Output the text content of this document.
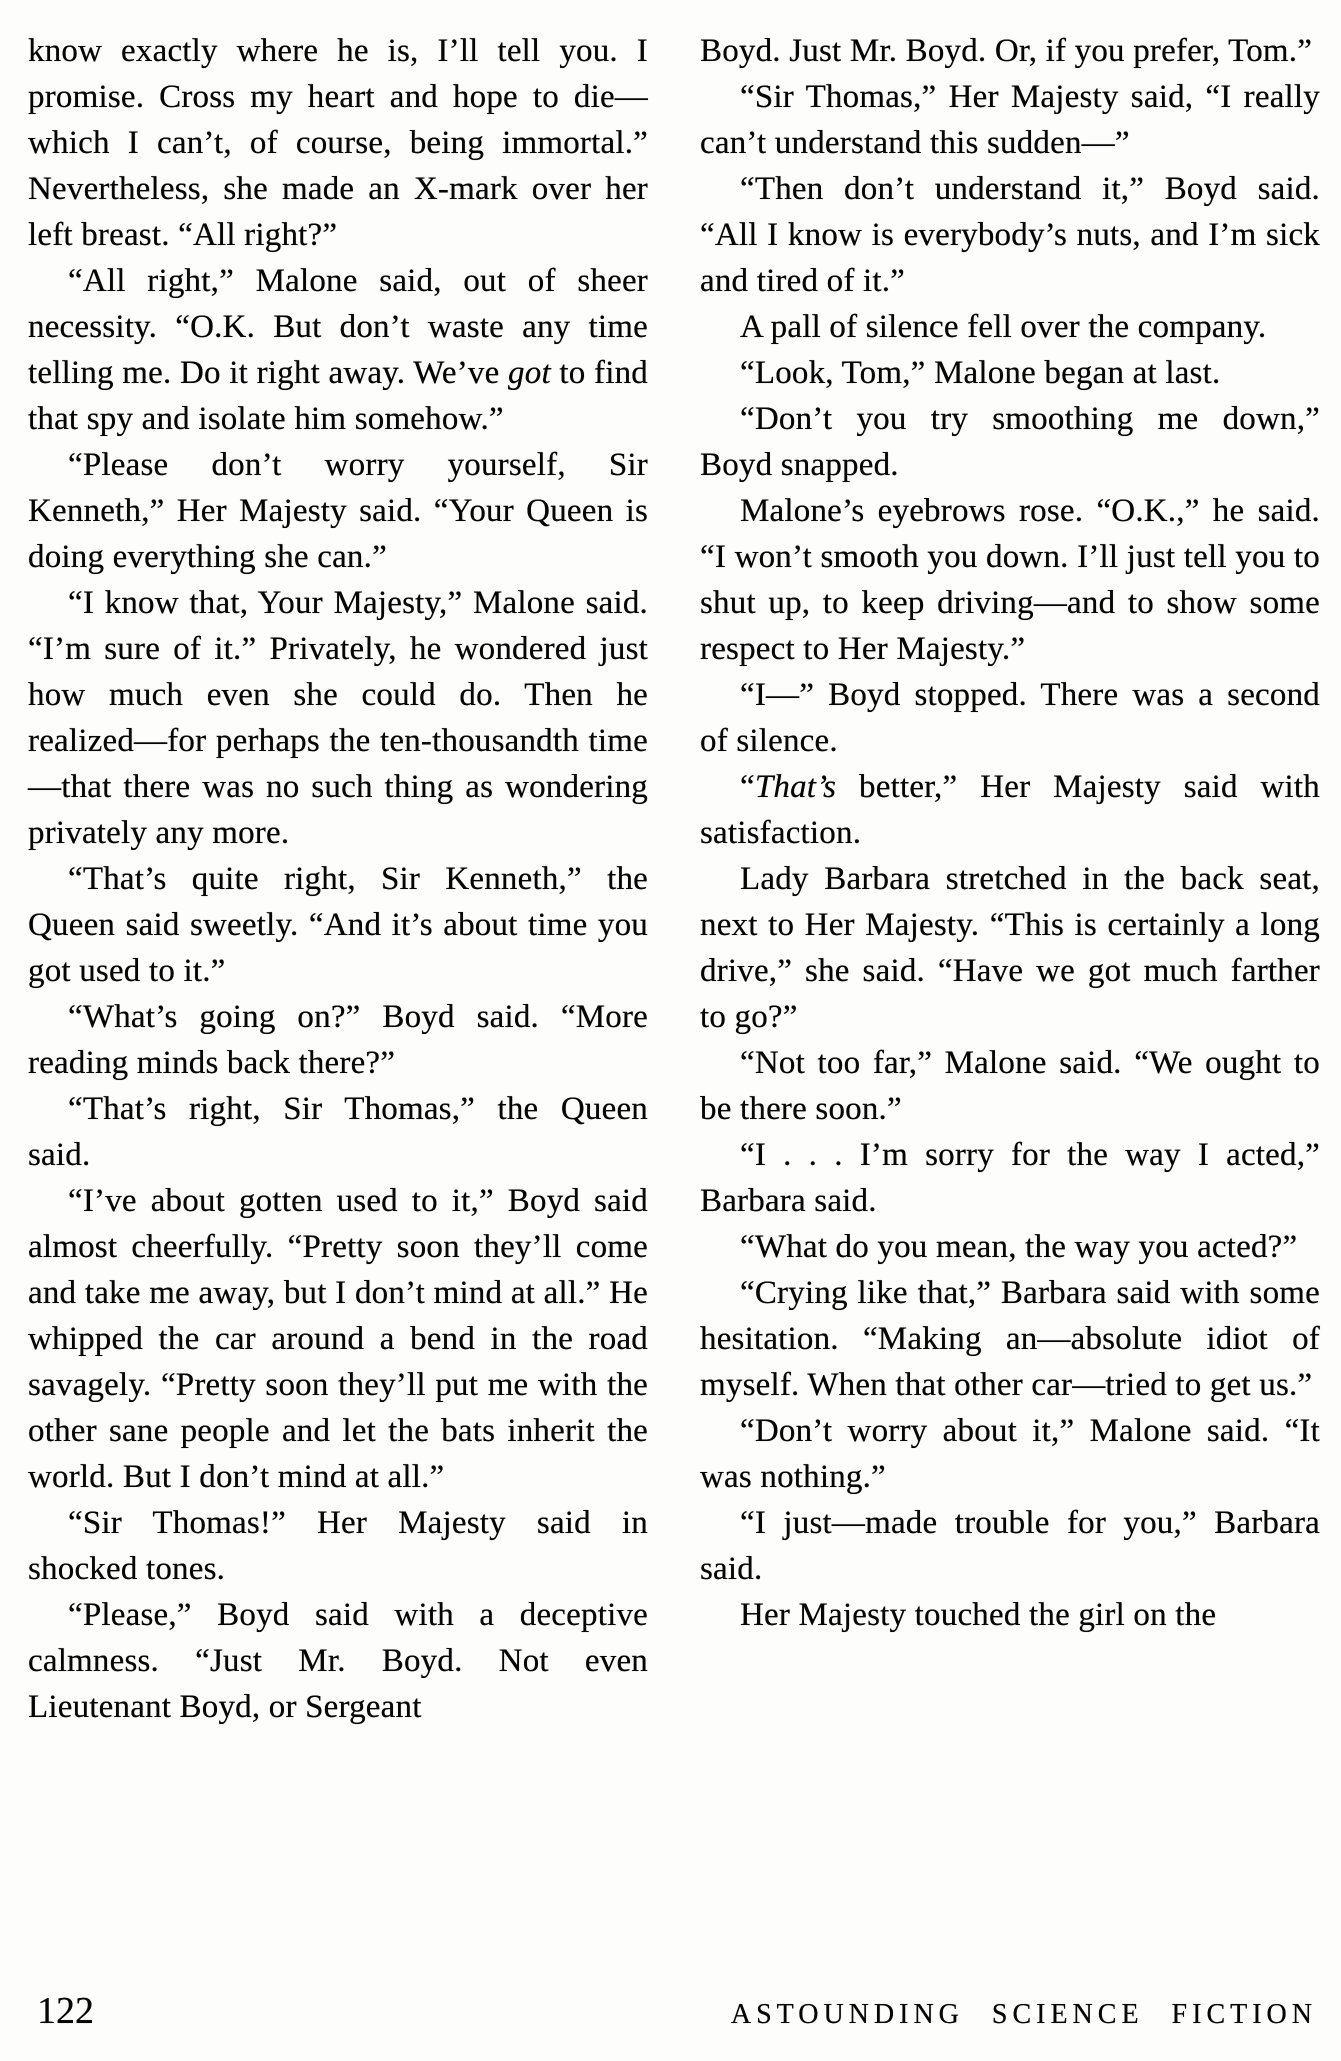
know exactly where he is, I’ll tell you. I promise. Cross my heart and hope to die—which I can’t, of course, being immortal.” Nevertheless, she made an X-mark over her left breast. “All right?”

“All right,” Malone said, out of sheer necessity. “O.K. But don’t waste any time telling me. Do it right away. We’ve got to find that spy and isolate him somehow.”

“Please don’t worry yourself, Sir Kenneth,” Her Majesty said. “Your Queen is doing everything she can.”

“I know that, Your Majesty,” Malone said. “I’m sure of it.” Privately, he wondered just how much even she could do. Then he realized—for perhaps the ten-thousandth time—that there was no such thing as wondering privately any more.

“That’s quite right, Sir Kenneth,” the Queen said sweetly. “And it’s about time you got used to it.”

“What’s going on?” Boyd said. “More reading minds back there?”

“That’s right, Sir Thomas,” the Queen said.

“I’ve about gotten used to it,” Boyd said almost cheerfully. “Pretty soon they’ll come and take me away, but I don’t mind at all.” He whipped the car around a bend in the road savagely. “Pretty soon they’ll put me with the other sane people and let the bats inherit the world. But I don’t mind at all.”

“Sir Thomas!” Her Majesty said in shocked tones.

“Please,” Boyd said with a deceptive calmness. “Just Mr. Boyd. Not even Lieutenant Boyd, or Sergeant

Boyd. Just Mr. Boyd. Or, if you prefer, Tom.”

“Sir Thomas,” Her Majesty said, “I really can’t understand this sudden—”

“Then don’t understand it,” Boyd said. “All I know is everybody’s nuts, and I’m sick and tired of it.”

A pall of silence fell over the company.

“Look, Tom,” Malone began at last.

“Don’t you try smoothing me down,” Boyd snapped.

Malone’s eyebrows rose. “O.K.,” he said. “I won’t smooth you down. I’ll just tell you to shut up, to keep driving—and to show some respect to Her Majesty.”

“I—” Boyd stopped. There was a second of silence.

“That’s better,” Her Majesty said with satisfaction.

Lady Barbara stretched in the back seat, next to Her Majesty. “This is certainly a long drive,” she said. “Have we got much farther to go?”

“Not too far,” Malone said. “We ought to be there soon.”

“I . . . I’m sorry for the way I acted,” Barbara said.

“What do you mean, the way you acted?”

“Crying like that,” Barbara said with some hesitation. “Making an—absolute idiot of myself. When that other car—tried to get us.”

“Don’t worry about it,” Malone said. “It was nothing.”

“I just—made trouble for you,” Barbara said.

Her Majesty touched the girl on the

122	ASTOUNDING SCIENCE FICTION
